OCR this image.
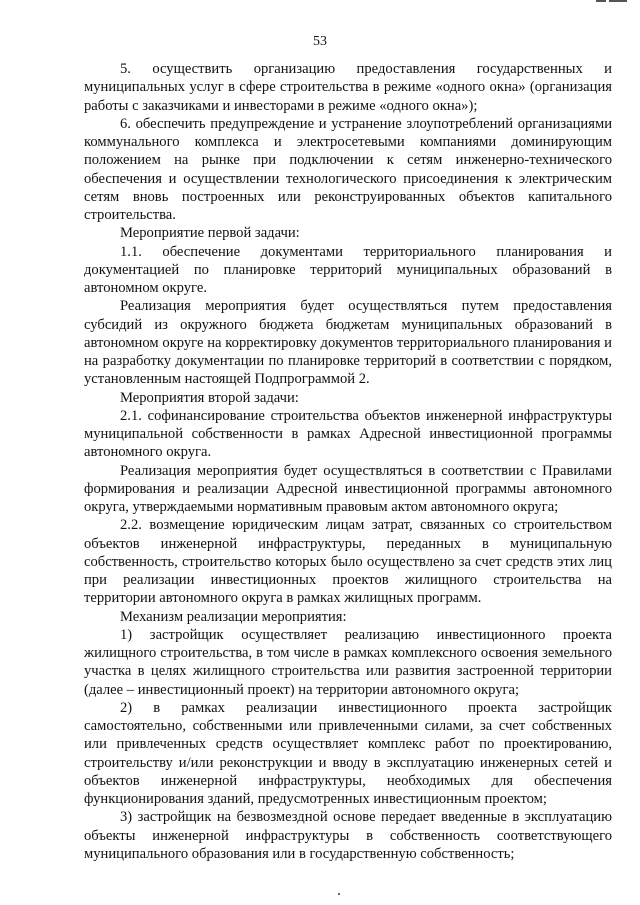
53

5. осуществить организацию предоставления государственных и муниципальных услуг в сфере строительства в режиме «одного окна» (организация работы с заказчиками и инвесторами в режиме «одного окна»);

6. обеспечить предупреждение и устранение злоупотреблений организациями коммунального комплекса и электросетевыми компаниями доминирующим положением на рынке при подключении к сетям инженерно-технического обеспечения и осуществлении технологического присоединения к электрическим сетям вновь построенных или реконструированных объектов капитального строительства.

Мероприятие первой задачи:

1.1. обеспечение документами территориального планирования и документацией по планировке территорий муниципальных образований в автономном округе.

Реализация мероприятия будет осуществляться путем предоставления субсидий из окружного бюджета бюджетам муниципальных образований в автономном округе на корректировку документов территориального планирования и на разработку документации по планировке территорий в соответствии с порядком, установленным настоящей Подпрограммой 2.

Мероприятия второй задачи:

2.1. софинансирование строительства объектов инженерной инфраструктуры муниципальной собственности в рамках Адресной инвестиционной программы автономного округа.

Реализация мероприятия будет осуществляться в соответствии с Правилами формирования и реализации Адресной инвестиционной программы автономного округа, утверждаемыми нормативным правовым актом автономного округа;

2.2. возмещение юридическим лицам затрат, связанных со строительством объектов инженерной инфраструктуры, переданных в муниципальную собственность, строительство которых было осуществлено за счет средств этих лиц при реализации инвестиционных проектов жилищного строительства на территории автономного округа в рамках жилищных программ.

Механизм реализации мероприятия:

1) застройщик осуществляет реализацию инвестиционного проекта жилищного строительства, в том числе в рамках комплексного освоения земельного участка в целях жилищного строительства или развития застроенной территории (далее – инвестиционный проект) на территории автономного округа;

2) в рамках реализации инвестиционного проекта застройщик самостоятельно, собственными или привлеченными силами, за счет собственных или привлеченных средств осуществляет комплекс работ по проектированию, строительству и/или реконструкции и вводу в эксплуатацию инженерных сетей и объектов инженерной инфраструктуры, необходимых для обеспечения функционирования зданий, предусмотренных инвестиционным проектом;

3) застройщик на безвозмездной основе передает введенные в эксплуатацию объекты инженерной инфраструктуры в собственность соответствующего муниципального образования или в государственную собственность;
